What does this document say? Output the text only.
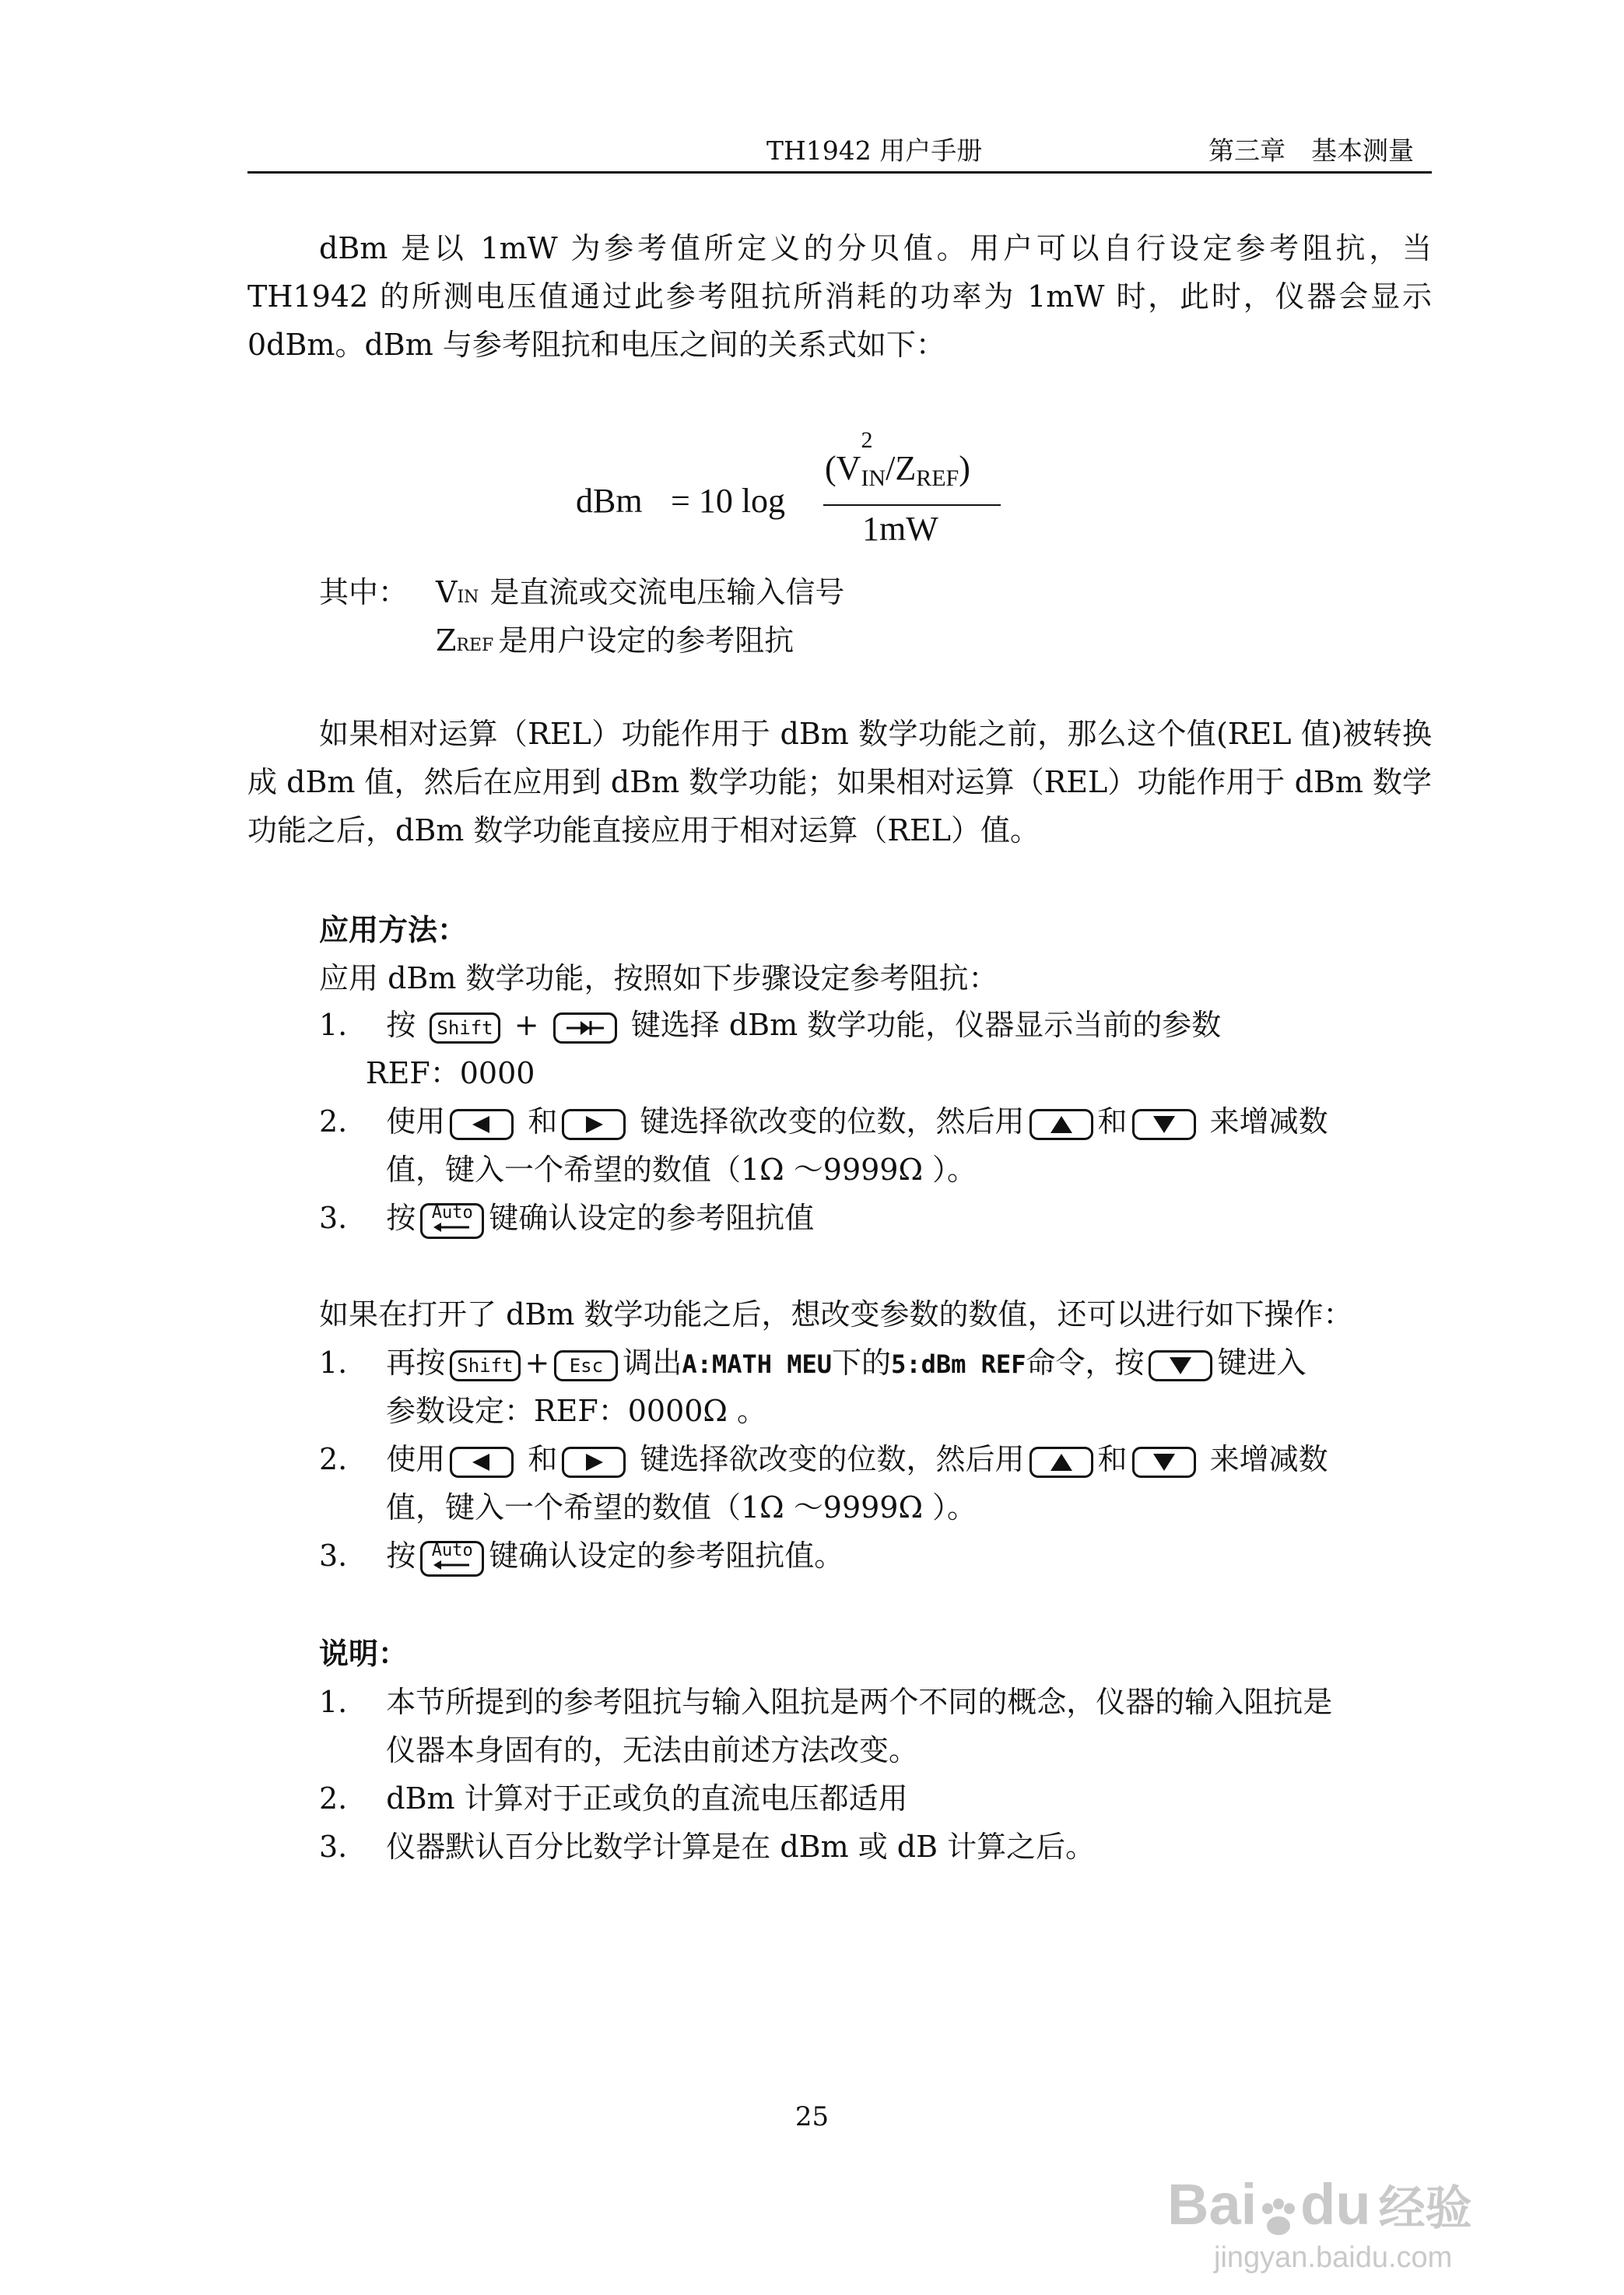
TH1942 用户手册	第三章　基本测量
dBm 是以 1mW 为参考值所定义的分贝值。用户可以自行设定参考阻抗，当 TH1942 的所测电压值通过此参考阻抗所消耗的功率为 1mW 时，此时，仪器会显示 0dBm。dBm 与参考阻抗和电压之间的关系式如下：
dBm = 10 log
(V
2
$_{IN}/Z_{REF}$)
1mW
其中： VIN 是直流或交流电压输入信号
ZREF 是用户设定的参考阻抗
如果相对运算（REL）功能作用于 dBm 数学功能之前，那么这个值(REL 值)被转换成 dBm 值，然后在应用到 dBm 数学功能；如果相对运算（REL）功能作用于 dBm 数学功能之后，dBm 数学功能直接应用于相对运算（REL）值。
应用方法：
应用 dBm 数学功能，按照如下步骤设定参考阻抗：
1. 按 Shift +	键选择 dBm 数学功能，仪器显示当前的参数
REF：0000
2. 使用	和	键选择欲改变的位数，然后用 和	来增减数
值，键入一个希望的数值（1Ω ～9999Ω ）。
3. 按 Auto 键确认设定的参考阻抗值
如果在打开了 dBm 数学功能之后，想改变参数的数值，还可以进行如下操作：
1. 再按 Shift + Esc 调出A:MATH MEU下的5:dBm REF命令，按 键进入
参数设定：REF：0000Ω 。
2. 使用	和	键选择欲改变的位数，然后用 和	来增减数
值，键入一个希望的数值（1Ω ～9999Ω ）。
3. 按 Auto 键确认设定的参考阻抗值。
说明：
1. 本节所提到的参考阻抗与输入阻抗是两个不同的概念，仪器的输入阻抗是
仪器本身固有的，无法由前述方法改变。
2. dBm 计算对于正或负的直流电压都适用
3. 仪器默认百分比数学计算是在 dBm 或 dB 计算之后。
25
Bai du 经验
jingyan.baidu.com
